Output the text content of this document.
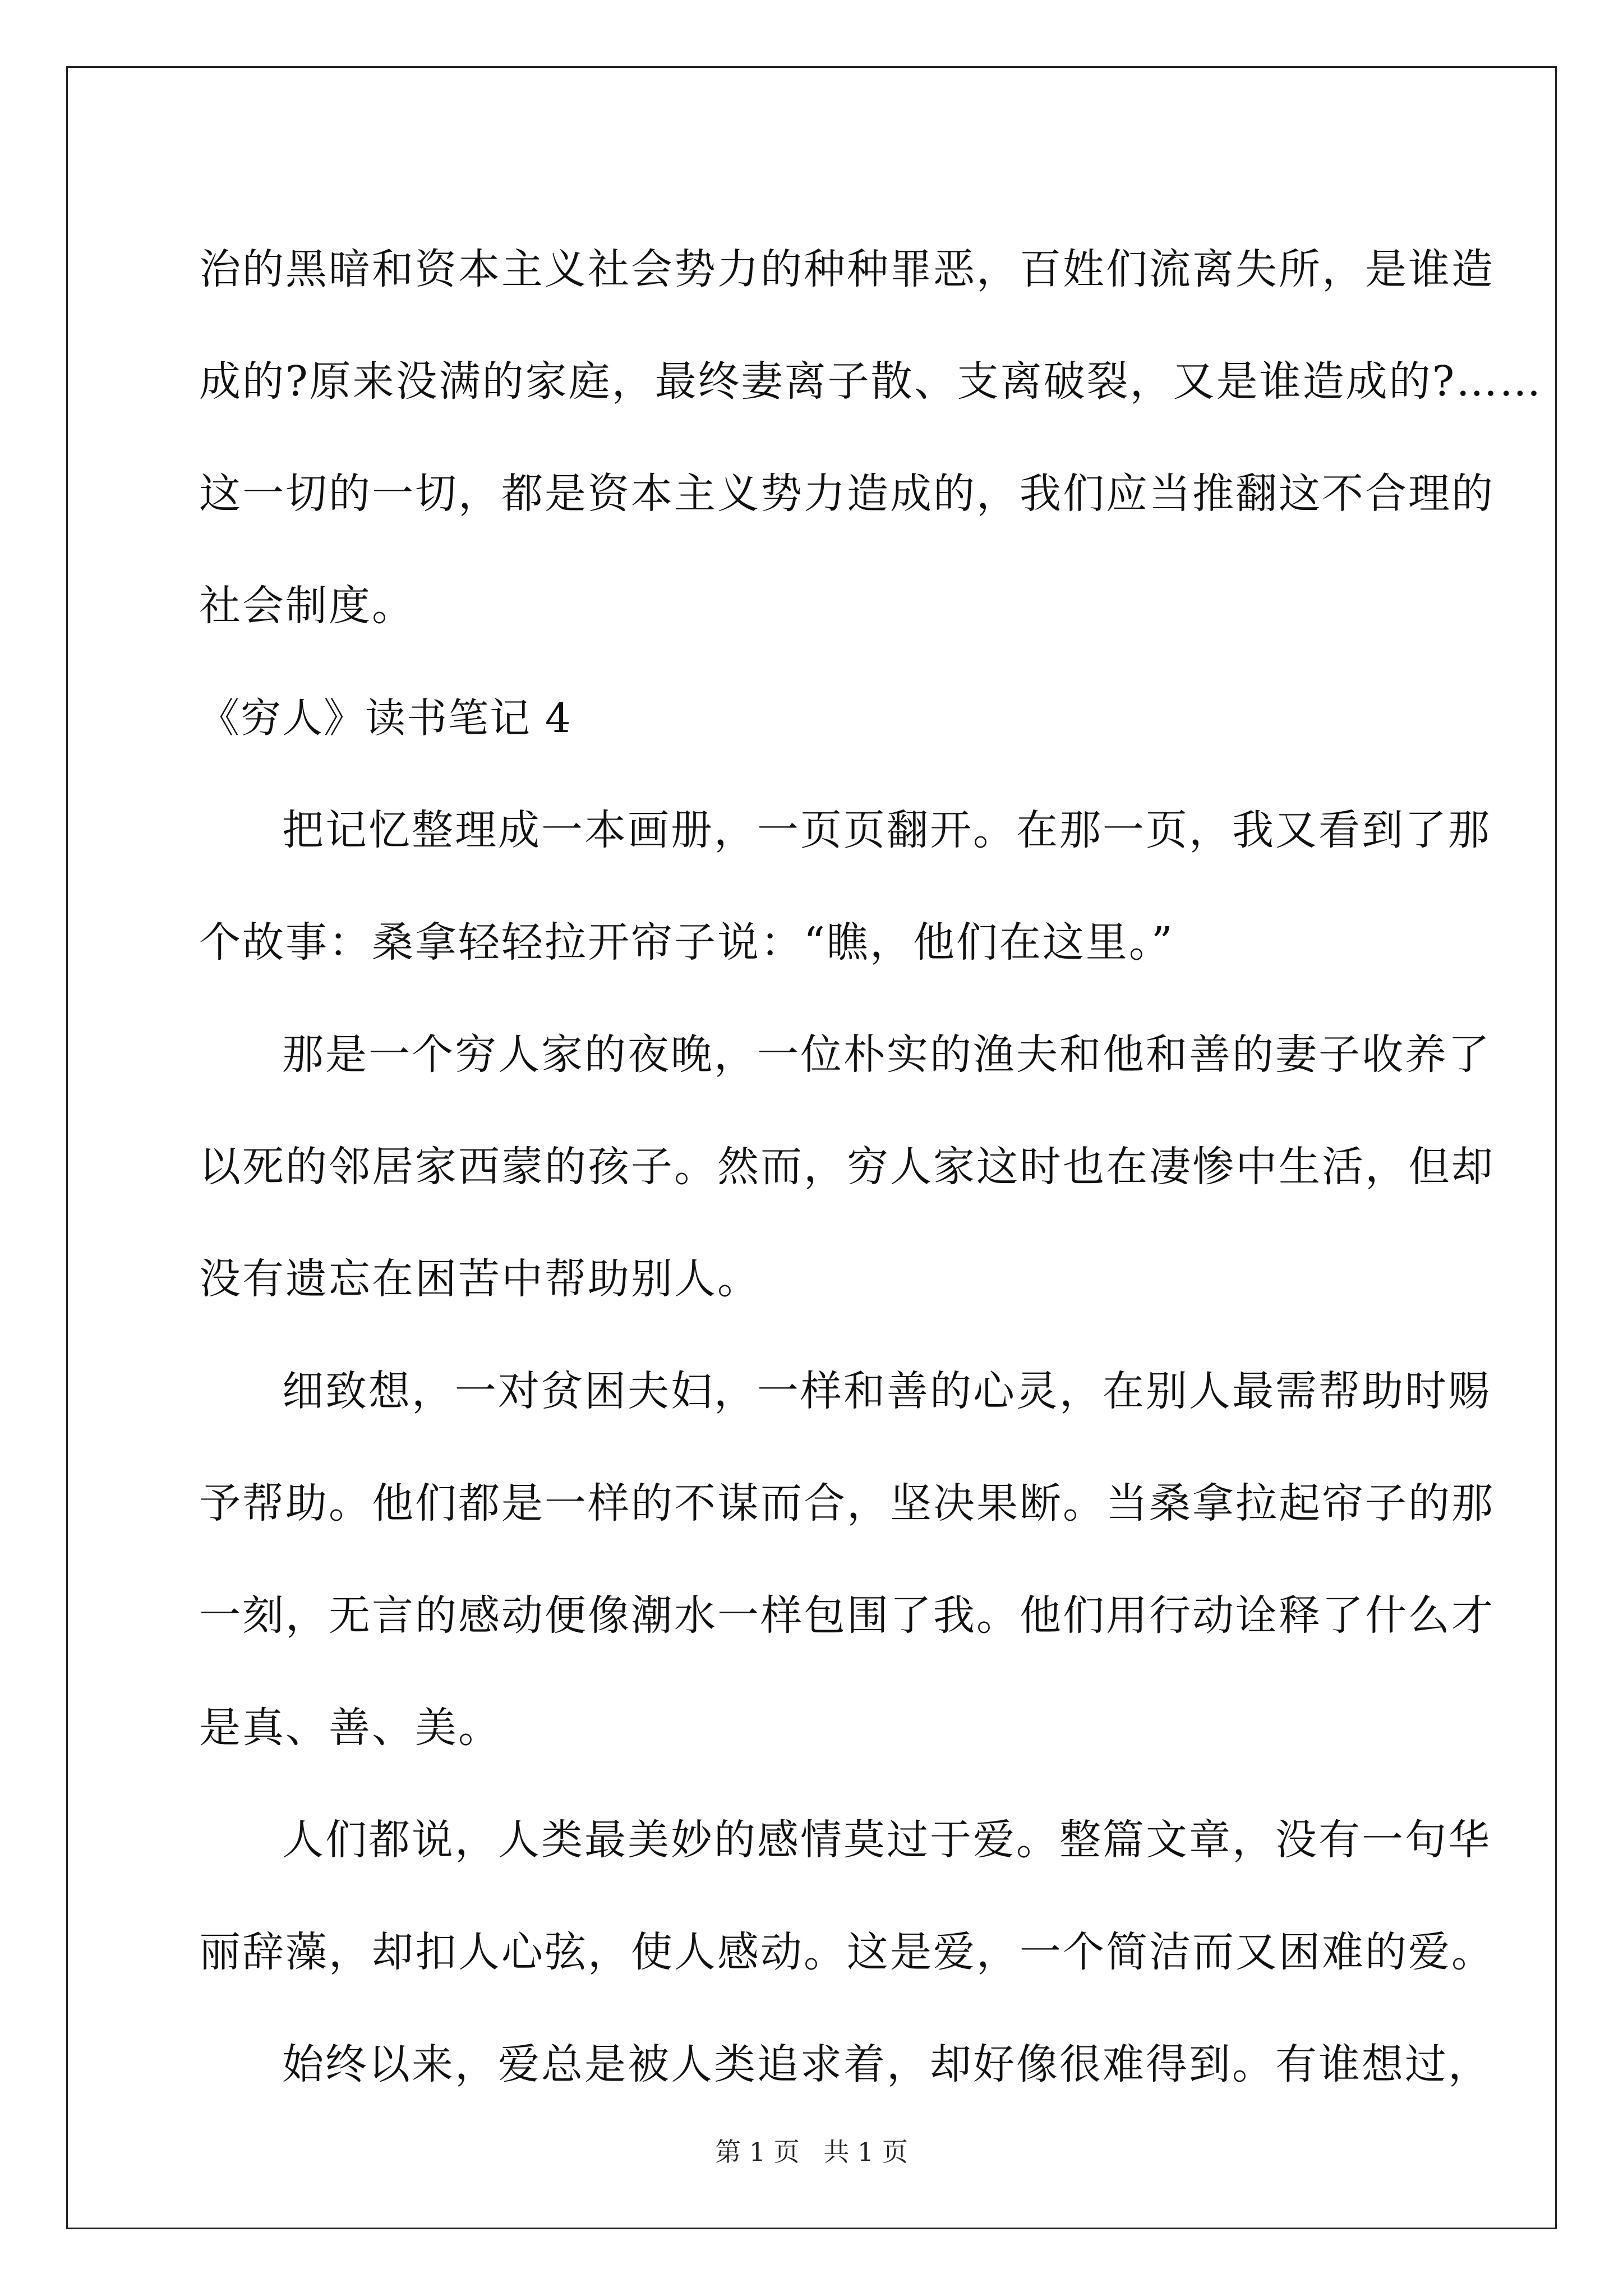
治的黑暗和资本主义社会势力的种种罪恶，百姓们流离失所，是谁造
成的?原来没满的家庭，最终妻离子散、支离破裂，又是谁造成的?……
这一切的一切，都是资本主义势力造成的，我们应当推翻这不合理的
社会制度。
《穷人》读书笔记 4
把记忆整理成一本画册，一页页翻开。在那一页，我又看到了那
个故事：桑拿轻轻拉开帘子说：“瞧，他们在这里。”
那是一个穷人家的夜晚，一位朴实的渔夫和他和善的妻子收养了
以死的邻居家西蒙的孩子。然而，穷人家这时也在凄惨中生活，但却
没有遗忘在困苦中帮助别人。
细致想，一对贫困夫妇，一样和善的心灵，在别人最需帮助时赐
予帮助。他们都是一样的不谋而合，坚决果断。当桑拿拉起帘子的那
一刻，无言的感动便像潮水一样包围了我。他们用行动诠释了什么才
是真、善、美。
人们都说，人类最美妙的感情莫过于爱。整篇文章，没有一句华
丽辞藻，却扣人心弦，使人感动。这是爱，一个简洁而又困难的爱。
始终以来，爱总是被人类追求着，却好像很难得到。有谁想过，
第 1 页 共 1 页
